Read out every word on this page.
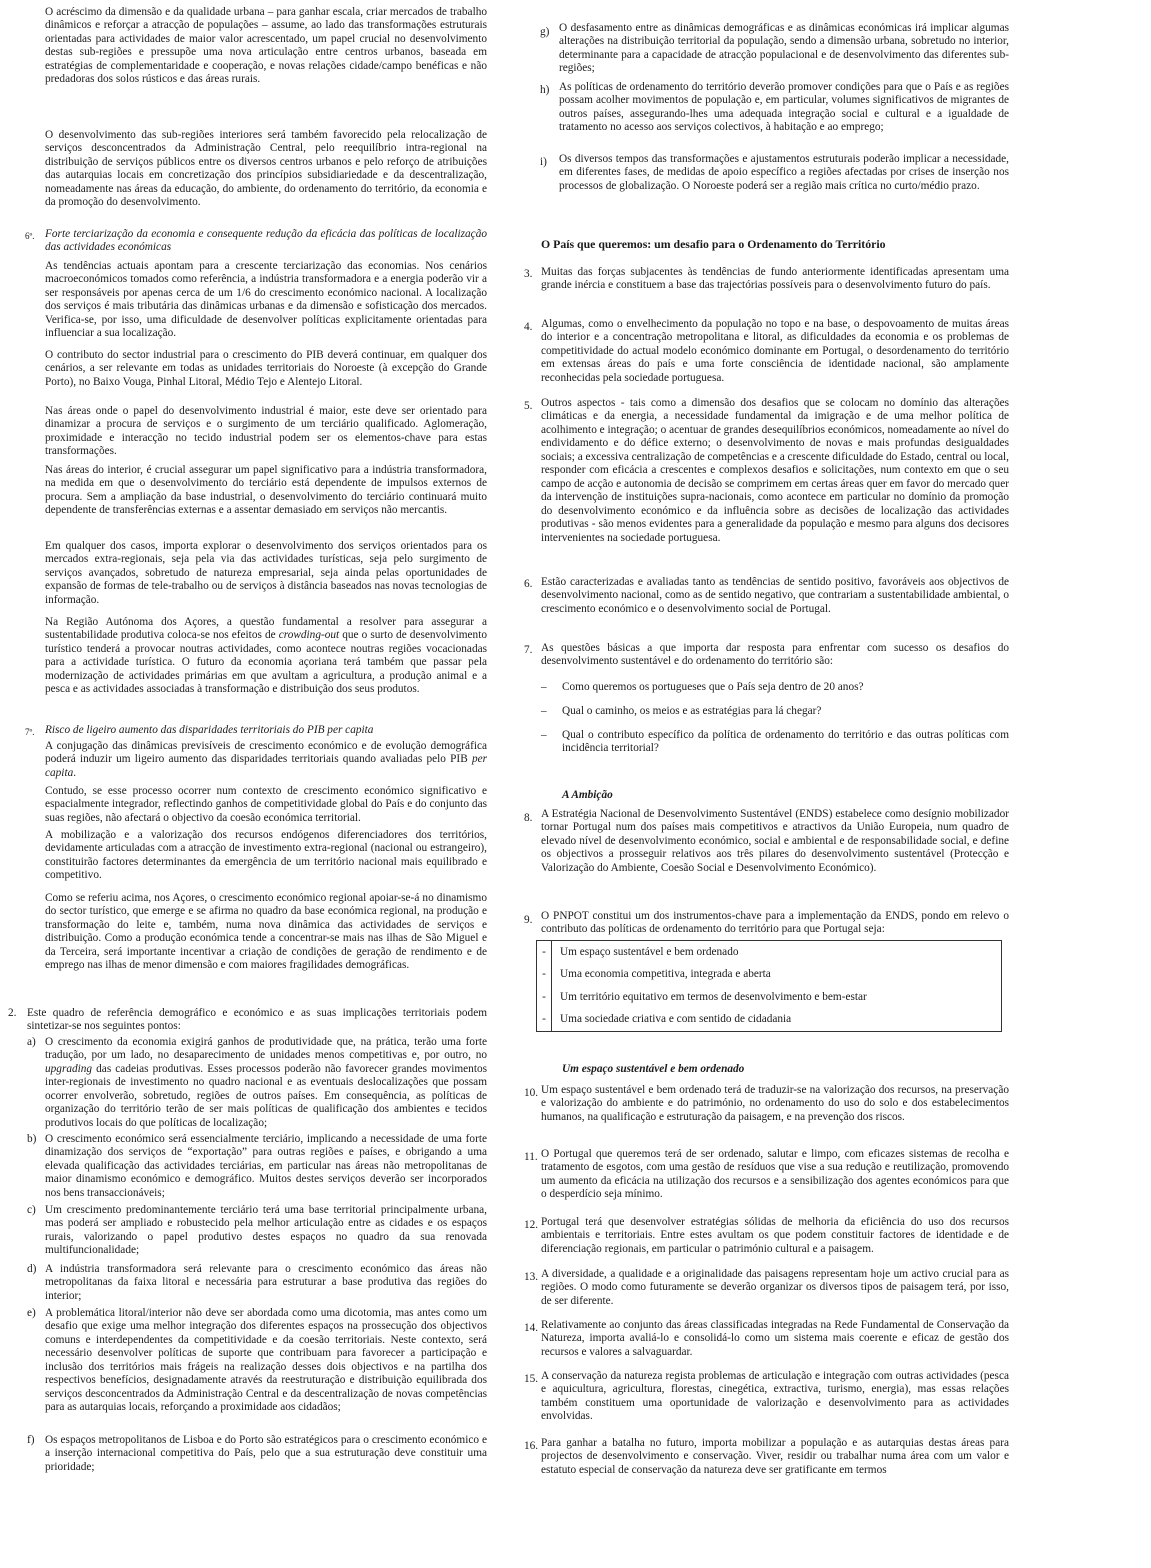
O acréscimo da dimensão e da qualidade urbana – para ganhar escala, criar mercados de trabalho dinâmicos e reforçar a atracção de populações – assume, ao lado das transformações estruturais orientadas para actividades de maior valor acrescentado, um papel crucial no desenvolvimento destas sub-regiões e pressupõe uma nova articulação entre centros urbanos, baseada em estratégias de complementaridade e cooperação, e novas relações cidade/campo benéficas e não predadoras dos solos rústicos e das áreas rurais.

O desenvolvimento das sub-regiões interiores será também favorecido pela relocalização de serviços desconcentrados da Administração Central, pelo reequilíbrio intra-regional na distribuição de serviços públicos entre os diversos centros urbanos e pelo reforço de atribuições das autarquias locais em concretização dos princípios subsidiariedade e da descentralização, nomeadamente nas áreas da educação, do ambiente, do ordenamento do território, da economia e da promoção do desenvolvimento.

6º. Forte terciarização da economia e consequente redução da eficácia das políticas de localização das actividades económicas

As tendências actuais apontam para a crescente terciarização das economias. Nos cenários macroeconómicos tomados como referência, a indústria transformadora e a energia poderão vir a ser responsáveis por apenas cerca de um 1/6 do crescimento económico nacional. A localização dos serviços é mais tributária das dinâmicas urbanas e da dimensão e sofisticação dos mercados. Verifica-se, por isso, uma dificuldade de desenvolver políticas explicitamente orientadas para influenciar a sua localização.

O contributo do sector industrial para o crescimento do PIB deverá continuar, em qualquer dos cenários, a ser relevante em todas as unidades territoriais do Noroeste (à excepção do Grande Porto), no Baixo Vouga, Pinhal Litoral, Médio Tejo e Alentejo Litoral.

Nas áreas onde o papel do desenvolvimento industrial é maior, este deve ser orientado para dinamizar a procura de serviços e o surgimento de um terciário qualificado. Aglomeração, proximidade e interacção no tecido industrial podem ser os elementos-chave para estas transformações.

Nas áreas do interior, é crucial assegurar um papel significativo para a indústria transformadora, na medida em que o desenvolvimento do terciário está dependente de impulsos externos de procura. Sem a ampliação da base industrial, o desenvolvimento do terciário continuará muito dependente de transferências externas e a assentar demasiado em serviços não mercantis.

Em qualquer dos casos, importa explorar o desenvolvimento dos serviços orientados para os mercados extra-regionais, seja pela via das actividades turísticas, seja pelo surgimento de serviços avançados, sobretudo de natureza empresarial, seja ainda pelas oportunidades de expansão de formas de tele-trabalho ou de serviços à distância baseados nas novas tecnologias de informação.

Na Região Autónoma dos Açores, a questão fundamental a resolver para assegurar a sustentabilidade produtiva coloca-se nos efeitos de crowding-out que o surto de desenvolvimento turístico tenderá a provocar noutras actividades, como acontece noutras regiões vocacionadas para a actividade turística. O futuro da economia açoriana terá também que passar pela modernização de actividades primárias em que avultam a agricultura, a produção animal e a pesca e as actividades associadas à transformação e distribuição dos seus produtos.

7º. Risco de ligeiro aumento das disparidades territoriais do PIB per capita

A conjugação das dinâmicas previsíveis de crescimento económico e de evolução demográfica poderá induzir um ligeiro aumento das disparidades territoriais quando avaliadas pelo PIB per capita.

Contudo, se esse processo ocorrer num contexto de crescimento económico significativo e espacialmente integrador, reflectindo ganhos de competitividade global do País e do conjunto das suas regiões, não afectará o objectivo da coesão económica territorial.

A mobilização e a valorização dos recursos endógenos diferenciadores dos territórios, devidamente articuladas com a atracção de investimento extra-regional (nacional ou estrangeiro), constituirão factores determinantes da emergência de um território nacional mais equilibrado e competitivo.

Como se referiu acima, nos Açores, o crescimento económico regional apoiar-se-á no dinamismo do sector turístico, que emerge e se afirma no quadro da base económica regional, na produção e transformação do leite e, também, numa nova dinâmica das actividades de serviços e distribuição. Como a produção económica tende a concentrar-se mais nas ilhas de São Miguel e da Terceira, será importante incentivar a criação de condições de geração de rendimento e de emprego nas ilhas de menor dimensão e com maiores fragilidades demográficas.

2. Este quadro de referência demográfico e económico e as suas implicações territoriais podem sintetizar-se nos seguintes pontos:

a) O crescimento da economia exigirá ganhos de produtividade que, na prática, terão uma forte tradução, por um lado, no desaparecimento de unidades menos competitivas e, por outro, no upgrading das cadeias produtivas. Esses processos poderão não favorecer grandes movimentos inter-regionais de investimento no quadro nacional e as eventuais deslocalizações que possam ocorrer envolverão, sobretudo, regiões de outros países. Em consequência, as políticas de organização do território terão de ser mais políticas de qualificação dos ambientes e tecidos produtivos locais do que políticas de localização;

b) O crescimento económico será essencialmente terciário, implicando a necessidade de uma forte dinamização dos serviços de “exportação” para outras regiões e países, e obrigando a uma elevada qualificação das actividades terciárias, em particular nas áreas não metropolitanas de maior dinamismo económico e demográfico. Muitos destes serviços deverão ser incorporados nos bens transaccionáveis;

c) Um crescimento predominantemente terciário terá uma base territorial principalmente urbana, mas poderá ser ampliado e robustecido pela melhor articulação entre as cidades e os espaços rurais, valorizando o papel produtivo destes espaços no quadro da sua renovada multifuncionalidade;

d) A indústria transformadora será relevante para o crescimento económico das áreas não metropolitanas da faixa litoral e necessária para estruturar a base produtiva das regiões do interior;

e) A problemática litoral/interior não deve ser abordada como uma dicotomia, mas antes como um desafio que exige uma melhor integração dos diferentes espaços na prossecução dos objectivos comuns e interdependentes da competitividade e da coesão territoriais. Neste contexto, será necessário desenvolver políticas de suporte que contribuam para favorecer a participação e inclusão dos territórios mais frágeis na realização desses dois objectivos e na partilha dos respectivos benefícios, designadamente através da reestruturação e distribuição equilibrada dos serviços desconcentrados da Administração Central e da descentralização de novas competências para as autarquias locais, reforçando a proximidade aos cidadãos;

f) Os espaços metropolitanos de Lisboa e do Porto são estratégicos para o crescimento económico e a inserção internacional competitiva do País, pelo que a sua estruturação deve constituir uma prioridade;

g) O desfasamento entre as dinâmicas demográficas e as dinâmicas económicas irá implicar algumas alterações na distribuição territorial da população, sendo a dimensão urbana, sobretudo no interior, determinante para a capacidade de atracção populacional e de desenvolvimento das diferentes sub-regiões;

h) As políticas de ordenamento do território deverão promover condições para que o País e as regiões possam acolher movimentos de população e, em particular, volumes significativos de migrantes de outros países, assegurando-lhes uma adequada integração social e cultural e a igualdade de tratamento no acesso aos serviços colectivos, à habitação e ao emprego;

i) Os diversos tempos das transformações e ajustamentos estruturais poderão implicar a necessidade, em diferentes fases, de medidas de apoio específico a regiões afectadas por crises de inserção nos processos de globalização. O Noroeste poderá ser a região mais crítica no curto/médio prazo.

O País que queremos: um desafio para o Ordenamento do Território

3. Muitas das forças subjacentes às tendências de fundo anteriormente identificadas apresentam uma grande inércia e constituem a base das trajectórias possíveis para o desenvolvimento futuro do país.

4. Algumas, como o envelhecimento da população no topo e na base, o despovoamento de muitas áreas do interior e a concentração metropolitana e litoral, as dificuldades da economia e os problemas de competitividade do actual modelo económico dominante em Portugal, o desordenamento do território em extensas áreas do país e uma forte consciência de identidade nacional, são amplamente reconhecidas pela sociedade portuguesa.

5. Outros aspectos - tais como a dimensão dos desafios que se colocam no domínio das alterações climáticas e da energia, a necessidade fundamental da imigração e de uma melhor política de acolhimento e integração; o acentuar de grandes desequilíbrios económicos, nomeadamente ao nível do endividamento e do défice externo; o desenvolvimento de novas e mais profundas desigualdades sociais; a excessiva centralização de competências e a crescente dificuldade do Estado, central ou local, responder com eficácia a crescentes e complexos desafios e solicitações, num contexto em que o seu campo de acção e autonomia de decisão se comprimem em certas áreas quer em favor do mercado quer da intervenção de instituições supra-nacionais, como acontece em particular no domínio da promoção do desenvolvimento económico e da influência sobre as decisões de localização das actividades produtivas - são menos evidentes para a generalidade da população e mesmo para alguns dos decisores intervenientes na sociedade portuguesa.

6. Estão caracterizadas e avaliadas tanto as tendências de sentido positivo, favoráveis aos objectivos de desenvolvimento nacional, como as de sentido negativo, que contrariam a sustentabilidade ambiental, o crescimento económico e o desenvolvimento social de Portugal.

7. As questões básicas a que importa dar resposta para enfrentar com sucesso os desafios do desenvolvimento sustentável e do ordenamento do território são:

– Como queremos os portugueses que o País seja dentro de 20 anos?

– Qual o caminho, os meios e as estratégias para lá chegar?

– Qual o contributo específico da política de ordenamento do território e das outras políticas com incidência territorial?

A Ambição

8. A Estratégia Nacional de Desenvolvimento Sustentável (ENDS) estabelece como desígnio mobilizador tornar Portugal num dos países mais competitivos e atractivos da União Europeia, num quadro de elevado nível de desenvolvimento económico, social e ambiental e de responsabilidade social, e define os objectivos a prosseguir relativos aos três pilares do desenvolvimento sustentável (Protecção e Valorização do Ambiente, Coesão Social e Desenvolvimento Económico).

9. O PNPOT constitui um dos instrumentos-chave para a implementação da ENDS, pondo em relevo o contributo das políticas de ordenamento do território para que Portugal seja:

-	Um espaço sustentável e bem ordenado
-	Uma economia competitiva, integrada e aberta
-	Um território equitativo em termos de desenvolvimento e bem-estar
-	Uma sociedade criativa e com sentido de cidadania

Um espaço sustentável e bem ordenado

10. Um espaço sustentável e bem ordenado terá de traduzir-se na valorização dos recursos, na preservação e valorização do ambiente e do património, no ordenamento do uso do solo e dos estabelecimentos humanos, na qualificação e estruturação da paisagem, e na prevenção dos riscos.

11. O Portugal que queremos terá de ser ordenado, salutar e limpo, com eficazes sistemas de recolha e tratamento de esgotos, com uma gestão de resíduos que vise a sua redução e reutilização, promovendo um aumento da eficácia na utilização dos recursos e a sensibilização dos agentes económicos para que o desperdício seja mínimo.

12. Portugal terá que desenvolver estratégias sólidas de melhoria da eficiência do uso dos recursos ambientais e territoriais. Entre estes avultam os que podem constituir factores de identidade e de diferenciação regionais, em particular o património cultural e a paisagem.

13. A diversidade, a qualidade e a originalidade das paisagens representam hoje um activo crucial para as regiões. O modo como futuramente se deverão organizar os diversos tipos de paisagem terá, por isso, de ser diferente.

14. Relativamente ao conjunto das áreas classificadas integradas na Rede Fundamental de Conservação da Natureza, importa avaliá-lo e consolidá-lo como um sistema mais coerente e eficaz de gestão dos recursos e valores a salvaguardar.

15. A conservação da natureza regista problemas de articulação e integração com outras actividades (pesca e aquicultura, agricultura, florestas, cinegética, extractiva, turismo, energia), mas essas relações também constituem uma oportunidade de valorização e desenvolvimento para as actividades envolvidas.

16. Para ganhar a batalha no futuro, importa mobilizar a população e as autarquias destas áreas para projectos de desenvolvimento e conservação. Viver, residir ou trabalhar numa área com um valor e estatuto especial de conservação da natureza deve ser gratificante em termos
